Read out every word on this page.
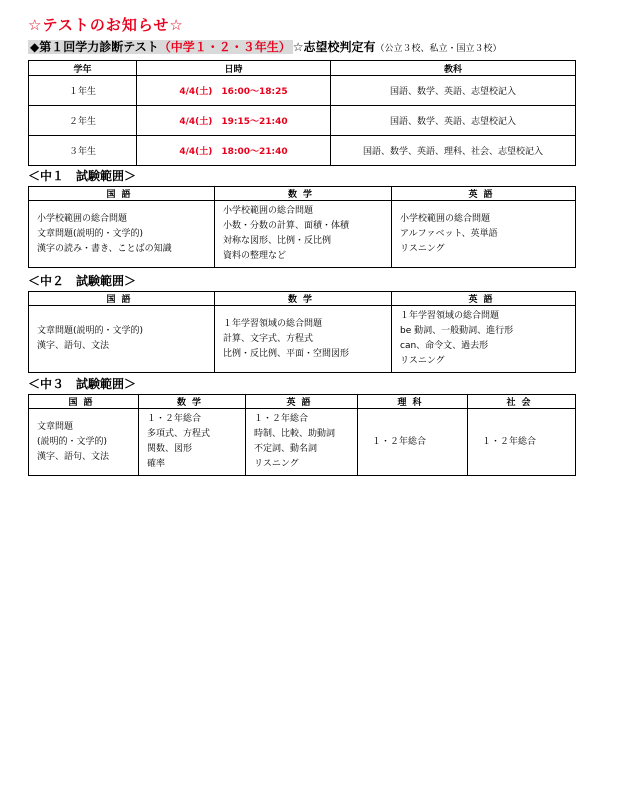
☆テストのお知らせ☆
◆第１回学力診断テスト（中学１・２・３年生） ☆志望校判定有（公立３校、私立・国立３校）
学年	日時	教科
１年生	4/4(土)　16:00～18:25	国語、数学、英語、志望校記入
２年生	4/4(土)　19:15～21:40	国語、数学、英語、志望校記入
３年生	4/4(土)　18:00～21:40	国語、数学、英語、理科、社会、志望校記入
＜中１　試験範囲＞
国語	数学	英語

小学校範囲の総合問題
文章問題(説明的・文学的)
漢字の読み・書き、ことばの知識	小学校範囲の総合問題
小数・分数の計算、面積・体積
対称な図形、比例・反比例
資料の整理など	小学校範囲の総合問題
アルファベット、英単語
リスニング
＜中２　試験範囲＞
国語	数学	英語

文章問題(説明的・文学的)
漢字、語句、文法	１年学習領域の総合問題
計算、文字式、方程式
比例・反比例、平面・空間図形	１年学習領域の総合問題
be 動詞、一般動詞、進行形
can、命令文、過去形
リスニング
＜中３　試験範囲＞
国語	数学	英語	理科	社会

文章問題
(説明的・文学的)
漢字、語句、文法	１・２年総合
多項式、方程式
関数、図形
確率	１・２年総合
時制、比較、助動詞
不定詞、動名詞
リスニング	１・２年総合	１・２年総合
